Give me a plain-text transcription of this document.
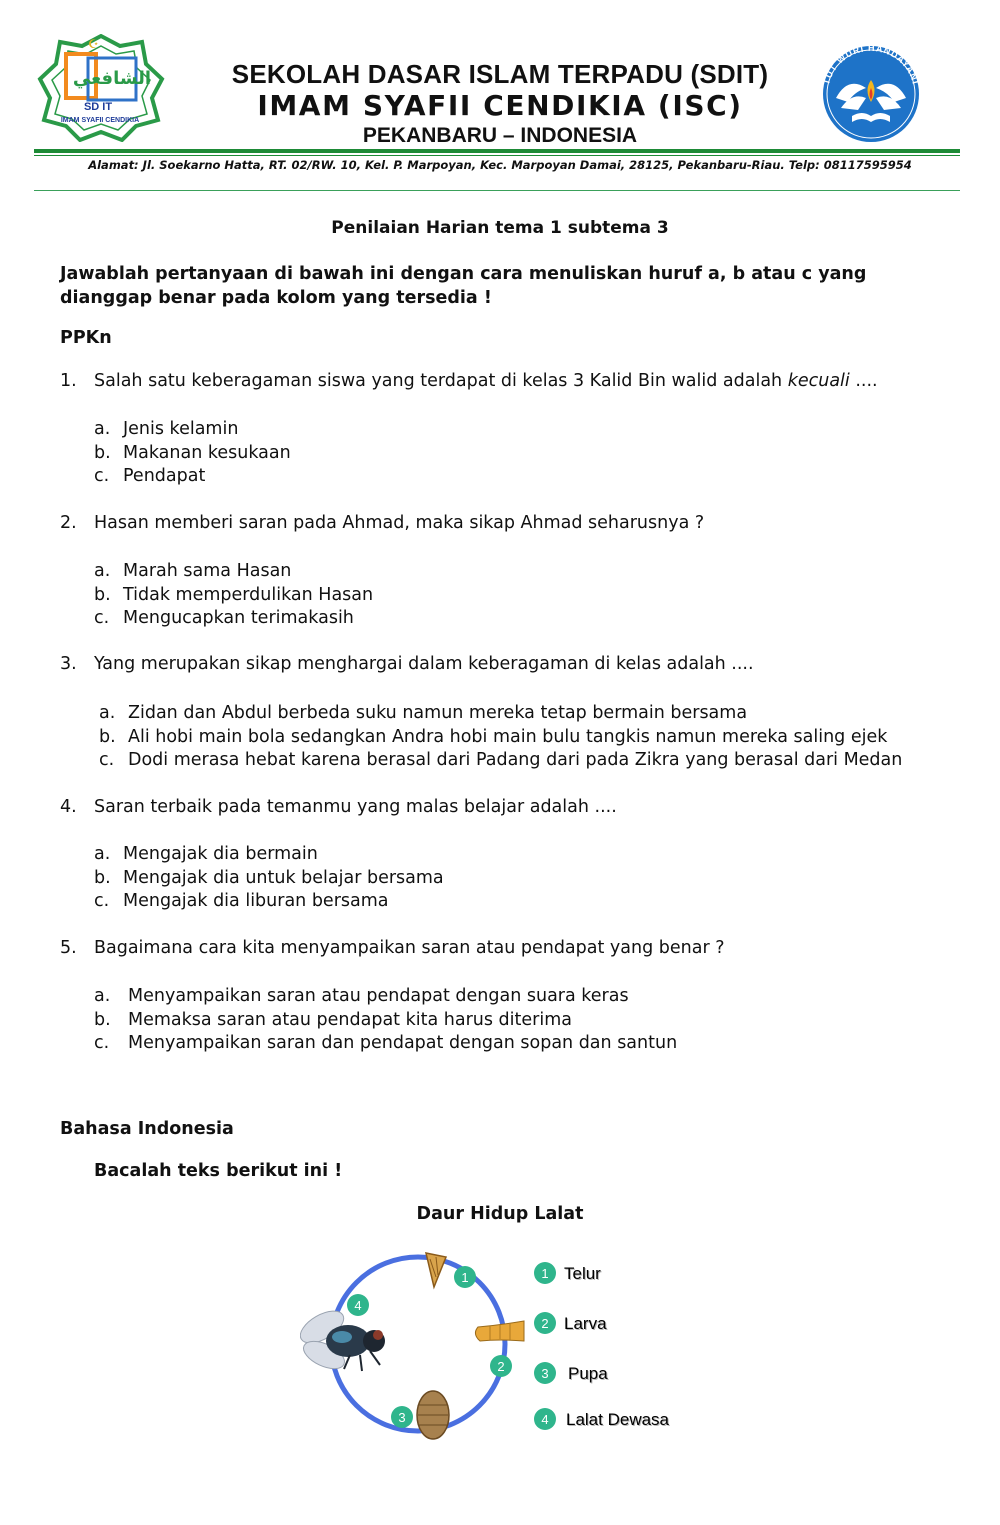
الشافعي
☪
SD IT
IMAM SYAFII CENDIKIA
SEKOLAH DASAR ISLAM TERPADU (SDIT)
IMAM SYAFII CENDIKIA (ISC)
PEKANBARU – INDONESIA
TUT WURI HANDAYANI
Alamat: Jl. Soekarno Hatta, RT. 02/RW. 10, Kel. P. Marpoyan, Kec. Marpoyan Damai, 28125, Pekanbaru-Riau. Telp: 08117595954
Penilaian Harian tema 1 subtema 3
Jawablah pertanyaan di bawah ini dengan cara menuliskan huruf a, b atau c yang dianggap benar pada kolom yang tersedia !
PPKn
1. Salah satu keberagaman siswa yang terdapat di kelas 3 Kalid Bin walid adalah kecuali ....
a. Jenis kelamin
b. Makanan kesukaan
c. Pendapat
2. Hasan memberi saran pada Ahmad, maka sikap Ahmad seharusnya ?
a. Marah sama Hasan
b. Tidak memperdulikan Hasan
c. Mengucapkan terimakasih
3. Yang merupakan sikap menghargai dalam keberagaman di kelas adalah ....
a. Zidan dan Abdul berbeda suku namun mereka tetap bermain bersama
b. Ali hobi main bola sedangkan Andra hobi main bulu tangkis namun mereka saling ejek
c. Dodi merasa hebat karena berasal dari Padang dari pada Zikra yang berasal dari Medan
4. Saran terbaik pada temanmu yang malas belajar adalah ....
a. Mengajak dia bermain
b. Mengajak dia untuk belajar bersama
c. Mengajak dia liburan bersama
5. Bagaimana cara kita menyampaikan saran atau pendapat yang benar ?
a. Menyampaikan saran atau pendapat dengan suara keras
b. Memaksa saran atau pendapat kita harus diterima
c. Menyampaikan saran dan pendapat dengan sopan dan santun
Bahasa Indonesia
Bacalah teks berikut ini !
Daur Hidup Lalat
1
2
3
4
1 Telur
2 Larva
3 Pupa
4 Lalat Dewasa
